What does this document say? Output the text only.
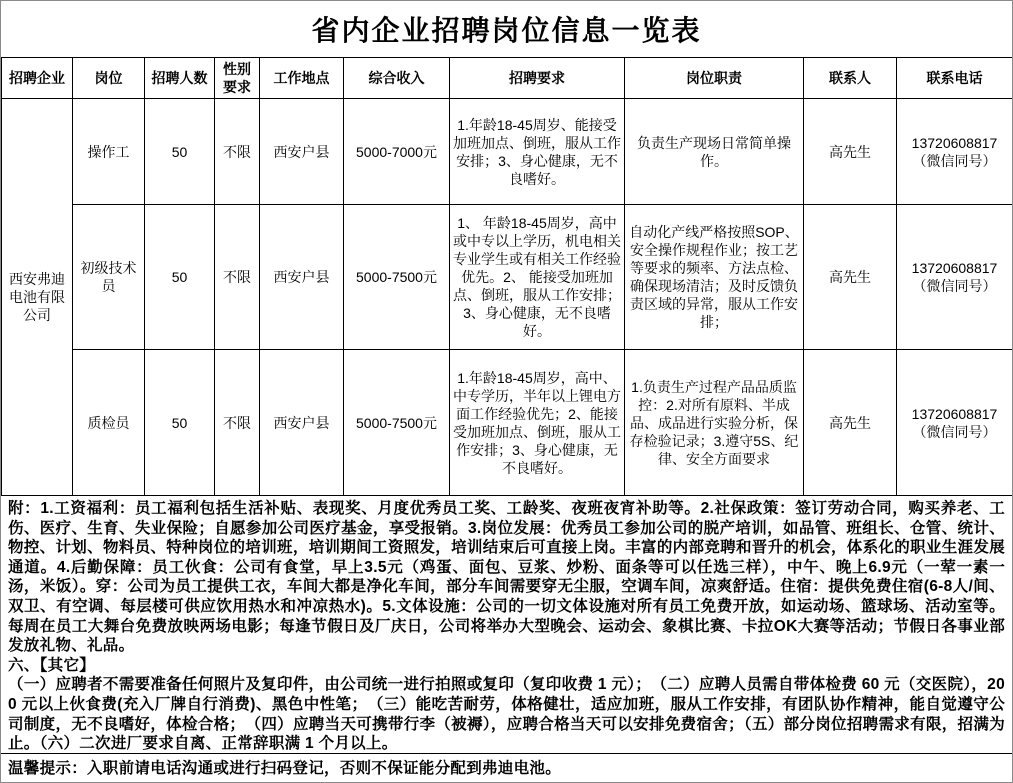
省内企业招聘岗位信息一览表
招聘企业	岗位	招聘人数	性别要求	工作地点	综合收入	招聘要求	岗位职责	联系人	联系电话
西安弗迪电池有限公司	操作工	50	不限	西安户县	5000-7000元	1.年龄18-45周岁、能接受加班加点、倒班，服从工作安排；3、身心健康，无不良嗜好。	负责生产现场日常简单操作。	高先生	13720608817
（微信同号）

	初级技术员	50	不限	西安户县	5000-7500元	1、 年龄18-45周岁，高中或中专以上学历，机电相关专业学生或有相关工作经验优先。2、 能接受加班加点、倒班，服从工作安排；3、身心健康，无不良嗜好。	自动化产线严格按照SOP、安全操作规程作业；按工艺等要求的频率、方法点检、确保现场清洁；及时反馈负责区域的异常，服从工作安排；	高先生	13720608817
（微信同号）

	质检员	50	不限	西安户县	5000-7500元	1.年龄18-45周岁，高中、中专学历，半年以上锂电方面工作经验优先；2、能接受加班加点、倒班，服从工作安排；3、身心健康，无不良嗜好。	1.负责生产过程产品品质监控：2.对所有原料、半成品、成品进行实验分析，保存检验记录；3.遵守5S、纪律、安全方面要求	高先生	13720608817
（微信同号）

附：1.工资福利：员工福利包括生活补贴、表现奖、月度优秀员工奖、工龄奖、夜班夜宵补助等。2.社保政策：签订劳动合同，购买养老、工伤、医疗、生育、失业保险；自愿参加公司医疗基金，享受报销。3.岗位发展：优秀员工参加公司的脱产培训，如品管、班组长、仓管、统计、物控、计划、物料员、特种岗位的培训班，培训期间工资照发，培训结束后可直接上岗。丰富的内部竞聘和晋升的机会，体系化的职业生涯发展通道。4.后勤保障：员工伙食：公司有食堂，早上3.5元（鸡蛋、面包、豆浆、炒粉、面条等可以任选三样），中午、晚上6.9元（一荤一素一汤，米饭）。穿：公司为员工提供工衣，车间大都是净化车间，部分车间需要穿无尘服，空调车间，凉爽舒适。住宿：提供免费住宿(6-8人/间、双卫、有空调、每层楼可供应饮用热水和冲凉热水)。5.文体设施：公司的一切文体设施对所有员工免费开放，如运动场、篮球场、活动室等。每周在员工大舞台免费放映两场电影；每逢节假日及厂庆日，公司将举办大型晚会、运动会、象棋比赛、卡拉OK大赛等活动；节假日各事业部发放礼物、礼品。

六、【其它】

（一）应聘者不需要准备任何照片及复印件，由公司统一进行拍照或复印（复印收费 1 元）；　（二）应聘人员需自带体检费 60 元（交医院），200 元以上伙食费(充入厂牌自行消费)、黑色中性笔；　（三）能吃苦耐劳，体格健壮，适应加班，服从工作安排，有团队协作精神，能自觉遵守公司制度，无不良嗜好，体检合格；　（四）应聘当天可携带行李（被褥），应聘合格当天可以安排免费宿舍；（五）部分岗位招聘需求有限，招满为止。（六）二次进厂要求自离、正常辞职满 1 个月以上。

温馨提示：入职前请电话沟通或进行扫码登记，否则不保证能分配到弗迪电池。
